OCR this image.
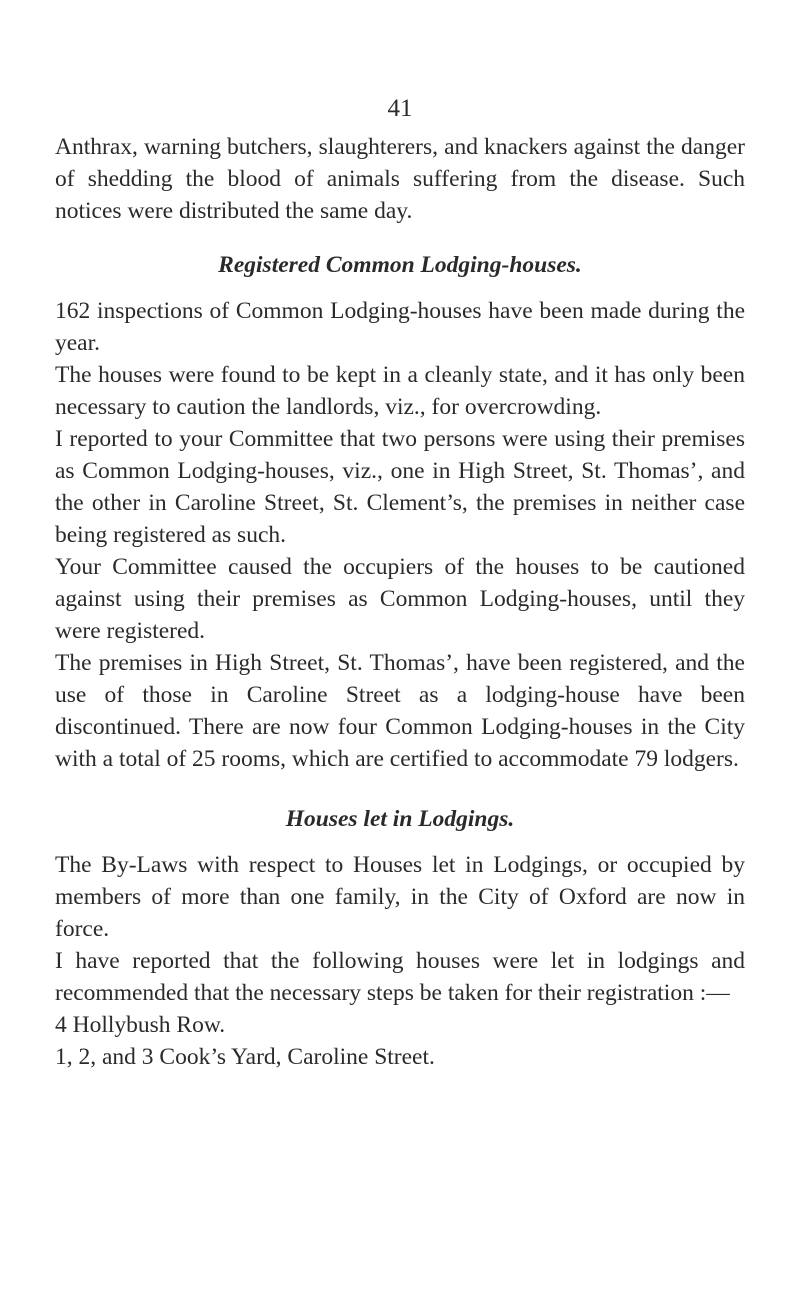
41

Anthrax, warning butchers, slaughterers, and knackers against the danger of shedding the blood of animals suffering from the disease. Such notices were distributed the same day.

Registered Common Lodging-houses.

162 inspections of Common Lodging-houses have been made during the year.

The houses were found to be kept in a cleanly state, and it has only been necessary to caution the landlords, viz., for overcrowding.

I reported to your Committee that two persons were using their premises as Common Lodging-houses, viz., one in High Street, St. Thomas’, and the other in Caroline Street, St. Clement’s, the premises in neither case being registered as such.

Your Committee caused the occupiers of the houses to be cautioned against using their premises as Common Lodging-houses, until they were registered.

The premises in High Street, St. Thomas’, have been registered, and the use of those in Caroline Street as a lodging-house have been discontinued. There are now four Common Lodging-houses in the City with a total of 25 rooms, which are certified to accommodate 79 lodgers.

Houses let in Lodgings.

The By-Laws with respect to Houses let in Lodgings, or occupied by members of more than one family, in the City of Oxford are now in force.

I have reported that the following houses were let in lodgings and recommended that the necessary steps be taken for their registration :—

4 Hollybush Row.

1, 2, and 3 Cook’s Yard, Caroline Street.
